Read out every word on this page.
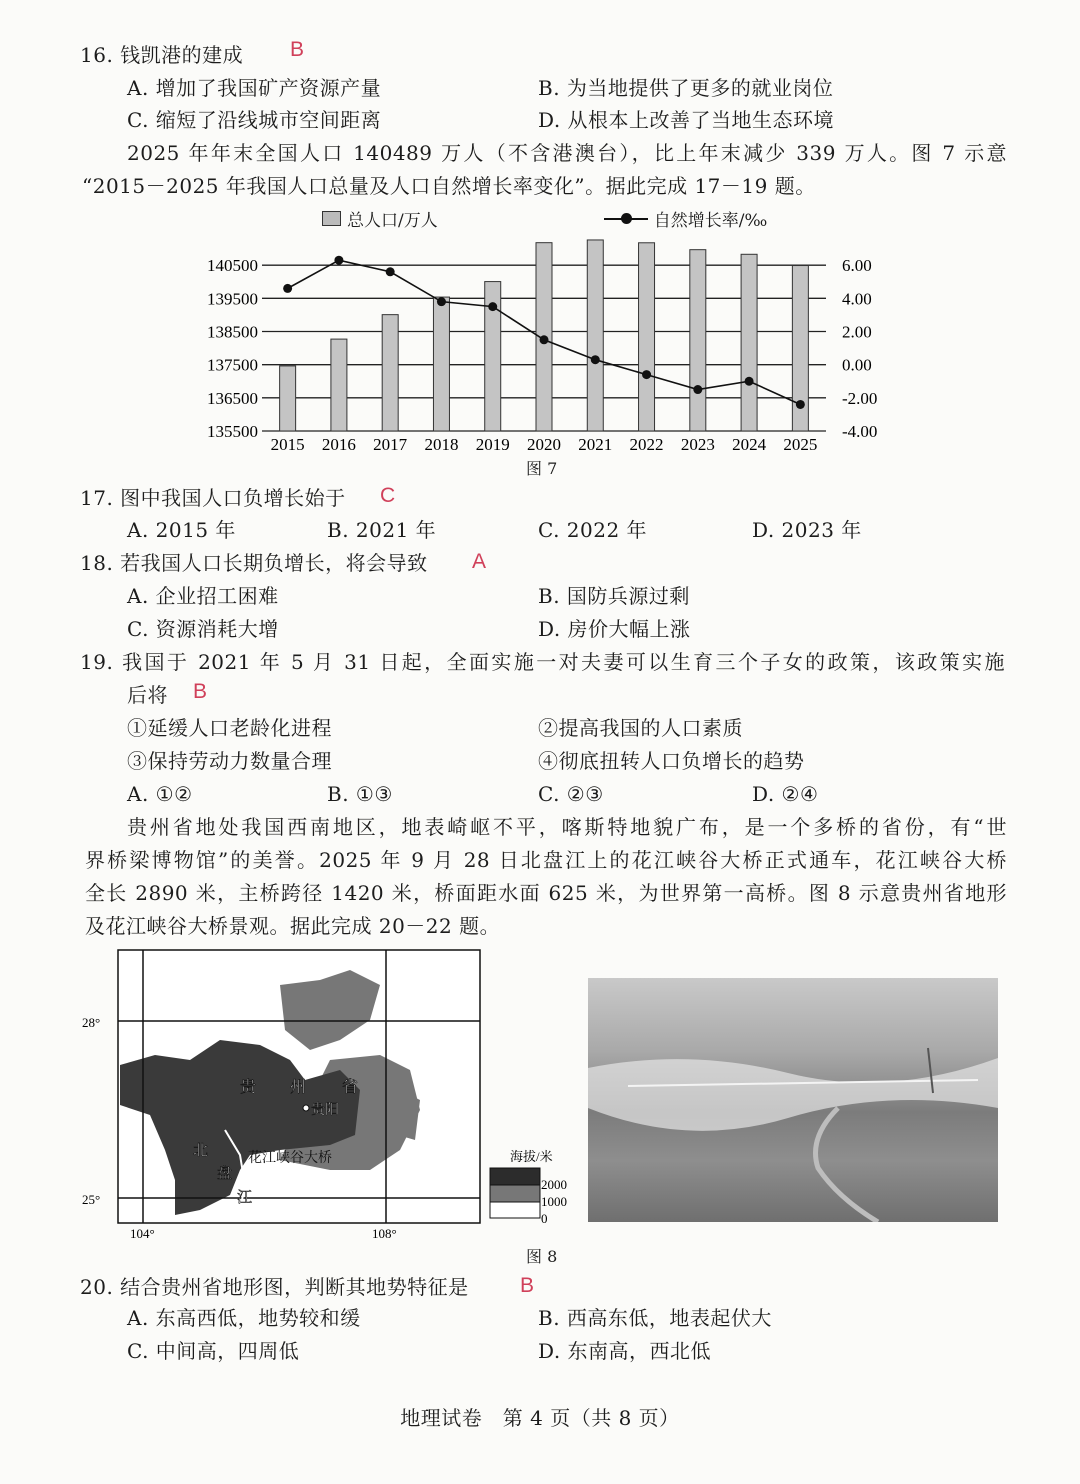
16. 钱凯港的建成 B
A. 增加了我国矿产资源产量	B. 为当地提供了更多的就业岗位
C. 缩短了沿线城市空间距离	D. 从根本上改善了当地生态环境
2025 年年末全国人口 140489 万人（不含港澳台），比上年末减少 339 万人。图 7 示意
“2015－2025 年我国人口总量及人口自然增长率变化”。据此完成 17－19 题。
总人口/万人	自然增长率/‰
135500
136500
137500
138500
139500
140500
-4.00
-2.00
0.00
2.00
4.00
6.00
2015 2016 2017 2018 2019 2020 2021 2022 2023 2024 2025
图 7
17. 图中我国人口负增长始于 C
A. 2015 年	B. 2021 年	C. 2022 年	D. 2023 年
18. 若我国人口长期负增长，将会导致 A
A. 企业招工困难	B. 国防兵源过剩
C. 资源消耗大增	D. 房价大幅上涨
19. 我国于 2021 年 5 月 31 日起，全面实施一对夫妻可以生育三个子女的政策，该政策实施
后将 B
①延缓人口老龄化进程	②提高我国的人口素质
③保持劳动力数量合理	④彻底扭转人口负增长的趋势
A. ①②	B. ①③	C. ②③	D. ②④
贵州省地处我国西南地区，地表崎岖不平，喀斯特地貌广布，是一个多桥的省份，有“世
界桥梁博物馆”的美誉。2025 年 9 月 28 日北盘江上的花江峡谷大桥正式通车，花江峡谷大桥
全长 2890 米，主桥跨径 1420 米，桥面距水面 625 米，为世界第一高桥。图 8 示意贵州省地形
及花江峡谷大桥景观。据此完成 20－22 题。
28°
25°
104°	108°
贵 州 省
贵阳
北
盘
江
花江峡谷大桥	海拔/米
2000
1000
0
图 8
20. 结合贵州省地形图，判断其地势特征是 B
A. 东高西低，地势较和缓	B. 西高东低，地表起伏大
C. 中间高，四周低	D. 东南高，西北低
地理试卷　第 4 页（共 8 页）
